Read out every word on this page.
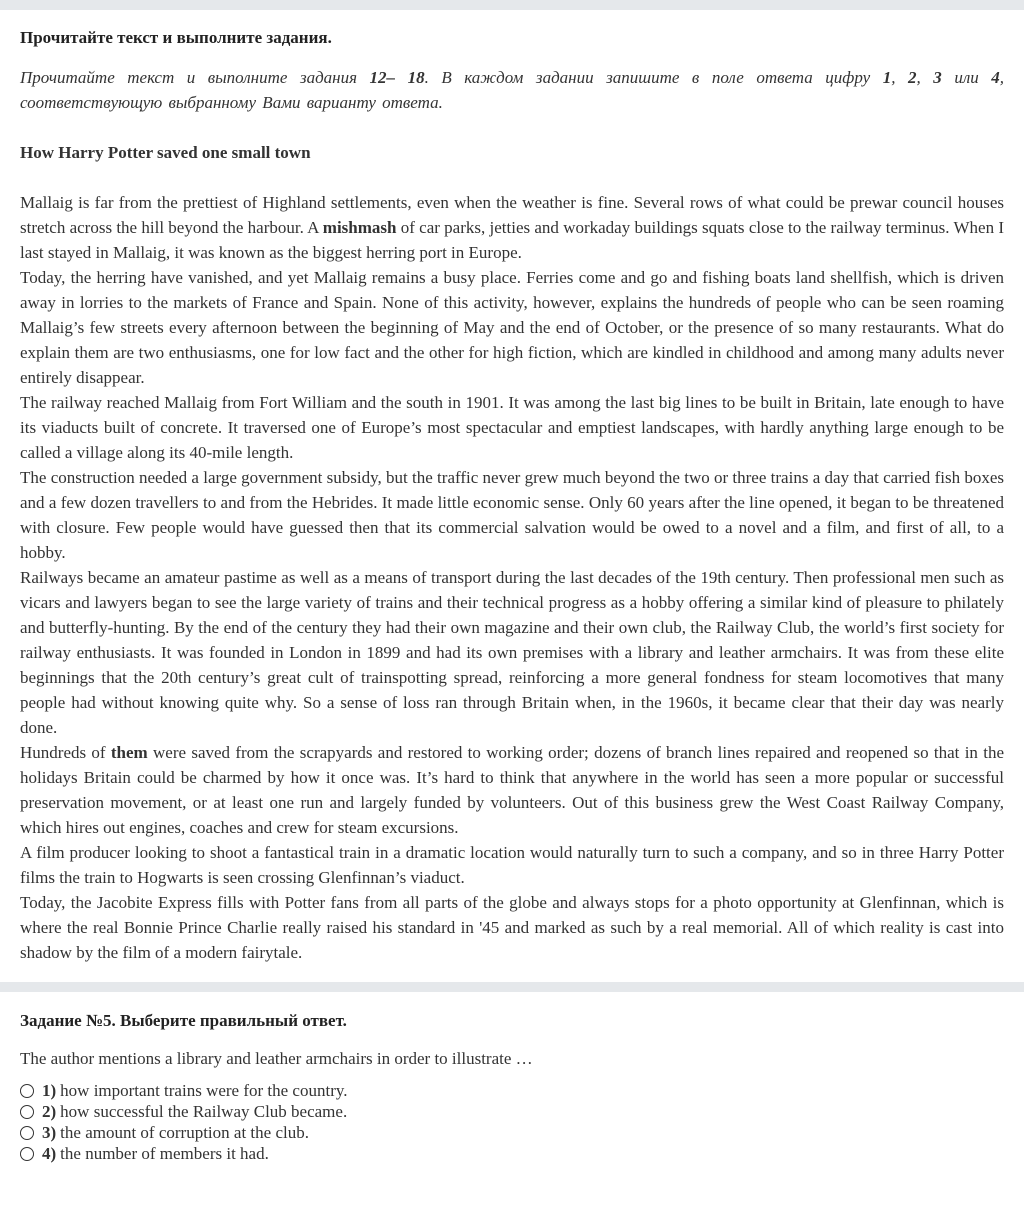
Прочитайте текст и выполните задания.

Прочитайте текст и выполните задания 12– 18. В каждом задании запишите в поле ответа цифру 1, 2, 3 или 4, соответствующую выбранному Вами варианту ответа.

How Harry Potter saved one small town

Mallaig is far from the prettiest of Highland settlements, even when the weather is fine. Several rows of what could be prewar council houses stretch across the hill beyond the harbour. A mishmash of car parks, jetties and workaday buildings squats close to the railway terminus. When I last stayed in Mallaig, it was known as the biggest herring port in Europe.

Today, the herring have vanished, and yet Mallaig remains a busy place. Ferries come and go and fishing boats land shellfish, which is driven away in lorries to the markets of France and Spain. None of this activity, however, explains the hundreds of people who can be seen roaming Mallaig’s few streets every afternoon between the beginning of May and the end of October, or the presence of so many restaurants. What do explain them are two enthusiasms, one for low fact and the other for high fiction, which are kindled in childhood and among many adults never entirely disappear.

The railway reached Mallaig from Fort William and the south in 1901. It was among the last big lines to be built in Britain, late enough to have its viaducts built of concrete. It traversed one of Europe’s most spectacular and emptiest landscapes, with hardly anything large enough to be called a village along its 40-mile length.

The construction needed a large government subsidy, but the traffic never grew much beyond the two or three trains a day that carried fish boxes and a few dozen travellers to and from the Hebrides. It made little economic sense. Only 60 years after the line opened, it began to be threatened with closure. Few people would have guessed then that its commercial salvation would be owed to a novel and a film, and first of all, to a hobby.

Railways became an amateur pastime as well as a means of transport during the last decades of the 19th century. Then professional men such as vicars and lawyers began to see the large variety of trains and their technical progress as a hobby offering a similar kind of pleasure to philately and butterfly-hunting. By the end of the century they had their own magazine and their own club, the Railway Club, the world’s first society for railway enthusiasts. It was founded in London in 1899 and had its own premises with a library and leather armchairs. It was from these elite beginnings that the 20th century’s great cult of trainspotting spread, reinforcing a more general fondness for steam locomotives that many people had without knowing quite why. So a sense of loss ran through Britain when, in the 1960s, it became clear that their day was nearly done.

Hundreds of them were saved from the scrapyards and restored to working order; dozens of branch lines repaired and reopened so that in the holidays Britain could be charmed by how it once was. It’s hard to think that anywhere in the world has seen a more popular or successful preservation movement, or at least one run and largely funded by volunteers. Out of this business grew the West Coast Railway Company, which hires out engines, coaches and crew for steam excursions.

A film producer looking to shoot a fantastical train in a dramatic location would naturally turn to such a company, and so in three Harry Potter films the train to Hogwarts is seen crossing Glenfinnan’s viaduct.

Today, the Jacobite Express fills with Potter fans from all parts of the globe and always stops for a photo opportunity at Glenfinnan, which is where the real Bonnie Prince Charlie really raised his standard in '45 and marked as such by a real memorial. All of which reality is cast into shadow by the film of a modern fairytale.

Задание №5. Выберите правильный ответ.

The author mentions a library and leather armchairs in order to illustrate …

1) how important trains were for the country.
2) how successful the Railway Club became.
3) the amount of corruption at the club.
4) the number of members it had.
